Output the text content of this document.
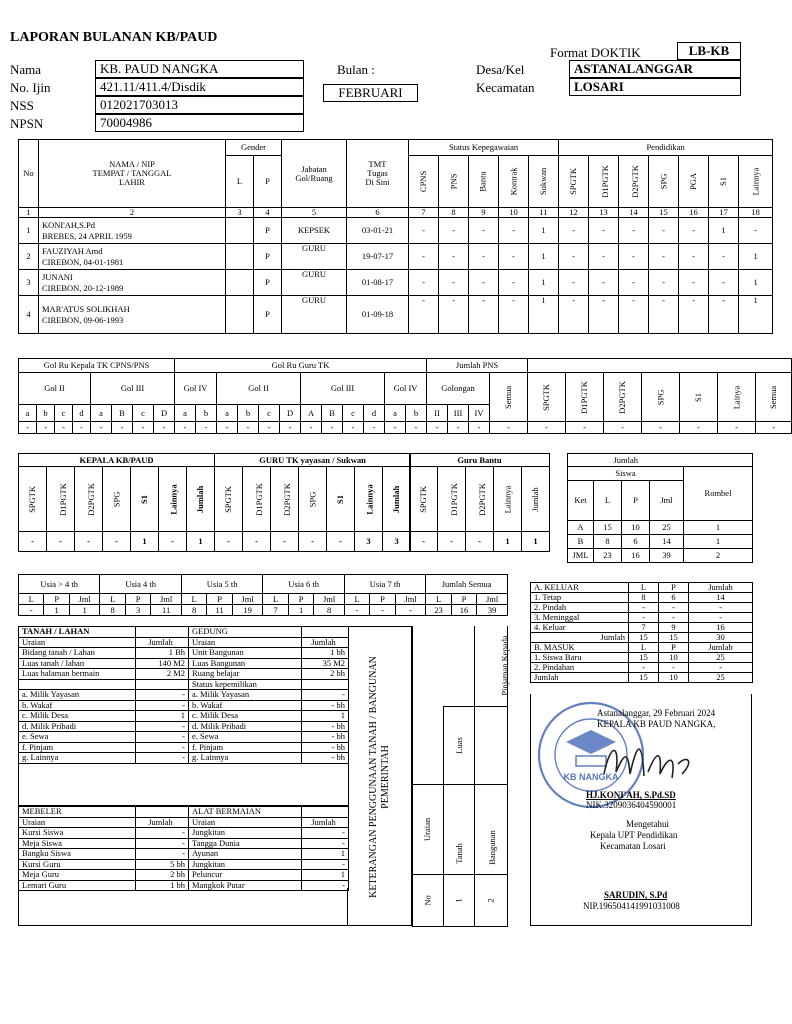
LAPORAN BULANAN KB/PAUD
Format DOKTIK	LB-KB
Nama
No. Ijin
NSS
NPSN
KB. PAUD NANGKA
421.11/411.4/Disdik
012021703013
70004986
Bulan :
FEBRUARI
Desa/Kel
Kecamatan
ASTANALANGGAR
LOSARI
No	NAMA / NIP
TEMPAT / TANGGAL
LAHIR	Gender		Jabatan
Gol/Ruang	TMT
Tugas
Di Sini	Status Kepegawaian					Pendidikan						
		L	P			CPNS	PNS	Bantu	Kontrak	Sukwan	SPGTK	D1PGTK	D2PGTK	SPG	PGA	S1	Lainnya
1	2	3	4	5	6	7	8	9	10	11	12	13	14	15	16	17	18
1	KONI'AH,S.Pd
BREBES, 24 APRIL 1959		P	KEPSEK	03-01-21	-	-	-	-	1	-	-	-	-	-	1	-
2	FAUZIYAH Amd
CIREBON, 04-01-1981		P	GURU	19-07-17	-	-	-	-	1	-	-	-	-	-	-	1
3	JUNANI
CIREBON, 20-12-1989		P	GURU	01-08-17	-	-	-	-	1	-	-	-	-	-	-	1
4	MAR'ATUS SOLIKHAH
CIREBON, 09-06-1993		P	GURU	01-09-18	-	-	-	-	1	-	-	-	-	-	-	1
Gol Ru Kepala TK CPNS/PNS								Gol Ru Guru TK												Jumlah PNS										
Gol II				Gol III				Gol IV		Gol II				Gol III				Gol IV		Golongan			Semua	SPGTK	D1PGTK	D2PGTK	SPG	S1	Lainya	Semua
a	b	c	d	a	B	c	D	a	b	a	b	c	D	A	B	c	d	a	b	II	III	IV								
-	-	-	-	-	-	-	-	-	-	-	-	-	-	-	-	-	-	-	-	-	-	-	-	-	-	-	-	-	-	-
KEPALA KB/PAUD							GURU TK yayasan / Sukwan						
SPGTK	D1PGTK	D2PGTK	SPG	S1	Lainnya	Jumlah	SPGTK	D1PGTK	D2PGTK	SPG	S1	Lainnya	Jumlah
-	-	-	-	1	-	1	-	-	-	-	-	3	3
Guru Bantu				
SPGTK	D1PGTK	D2PGTK	Lainnya	Jumlah
-	-	-	1	1
Jumlah				
Siswa				Rombel
Ket	L	P	Jml	

A	15	10	25	1
B	8	6	14	1
JML	23	16	39	2
Usia > 4 th			Usia 4 th			Usia 5 th			Usia 6 th			Usia 7 th			Jumlah Semua		
L	P	Jml	L	P	Jml	L	P	Jml	L	P	Jml	L	P	Jml	L	P	Jml
-	1	1	8	3	11	8	11	19	7	1	8	-	-	-	23	16	39
A. KELUAR	L	P	Jumlah
1. Tetap	8	6	14
2. Pindah	-	-	-
3. Meninggal	-	-	-
4. Keluar	7	9	16
Jumlah	15	15	30
B. MASUK	L	P	Jumlah
1. Siswa Baru	15	10	25
2. Pindahan	-	-	-
Jumlah	15	10	25
TANAH / LAHAN		GEDUNG	
Uraian	Jumlah	Uraian	Jumlah
Bidang tanah / Lahan	1 Bh	Unit Bangunan	1 bh
Luas tanah / lahan	140 M2	Luas Bangunan	35 M2
Luas halaman bermain	2 M2	Ruang belajar	2 bh
		Status kepemilikan	
a. Milik Yayasan	-	a. Milik Yayasan	-
b. Wakaf	-	b. Wakaf	- bh
c. Milik Desa	1	c. Milik Desa	1
d. Milik Pribadi	-	d. Milik Pribadi	- bh
e. Sewa	-	e. Sewa	- bh
f. Pinjam	-	f. Pinjam	- bh
g. Lainnya	-	g. Lainnya	- bh

MEBELER		ALAT BERMAIAN	
Uraian	Jumlah	Uraian	Jumlah
Kursi Siswa	-	Jungkitan	-
Meja Siswa	-	Tangga Dunia	-
Bangku Siswa	-	Ayunan	1
Kursi Guru	5 bh	Jungkitan	-
Meja Guru	2 bh	Peluncur	1
Lemari Guru	1 bh	Mangkok Putar	- KETERANGAN PENGGUNAAN TANAH / BANGUNAN PEMERINTAH
		Pinjaman Kepada
	Luas	
Uraian	Tanah	Bangunan
No	1	2
KB NANGKA
Astanalanggar, 29 Februari 2024
KEPALA KB PAUD NANGKA,
HJ.KONI'AH, S.Pd.SD
NIK.3209036404590001
Mengetahui
Kepala UPT Pendidikan
Kecamatan Losari
SARUDIN, S.Pd
NIP.196504141991031008
